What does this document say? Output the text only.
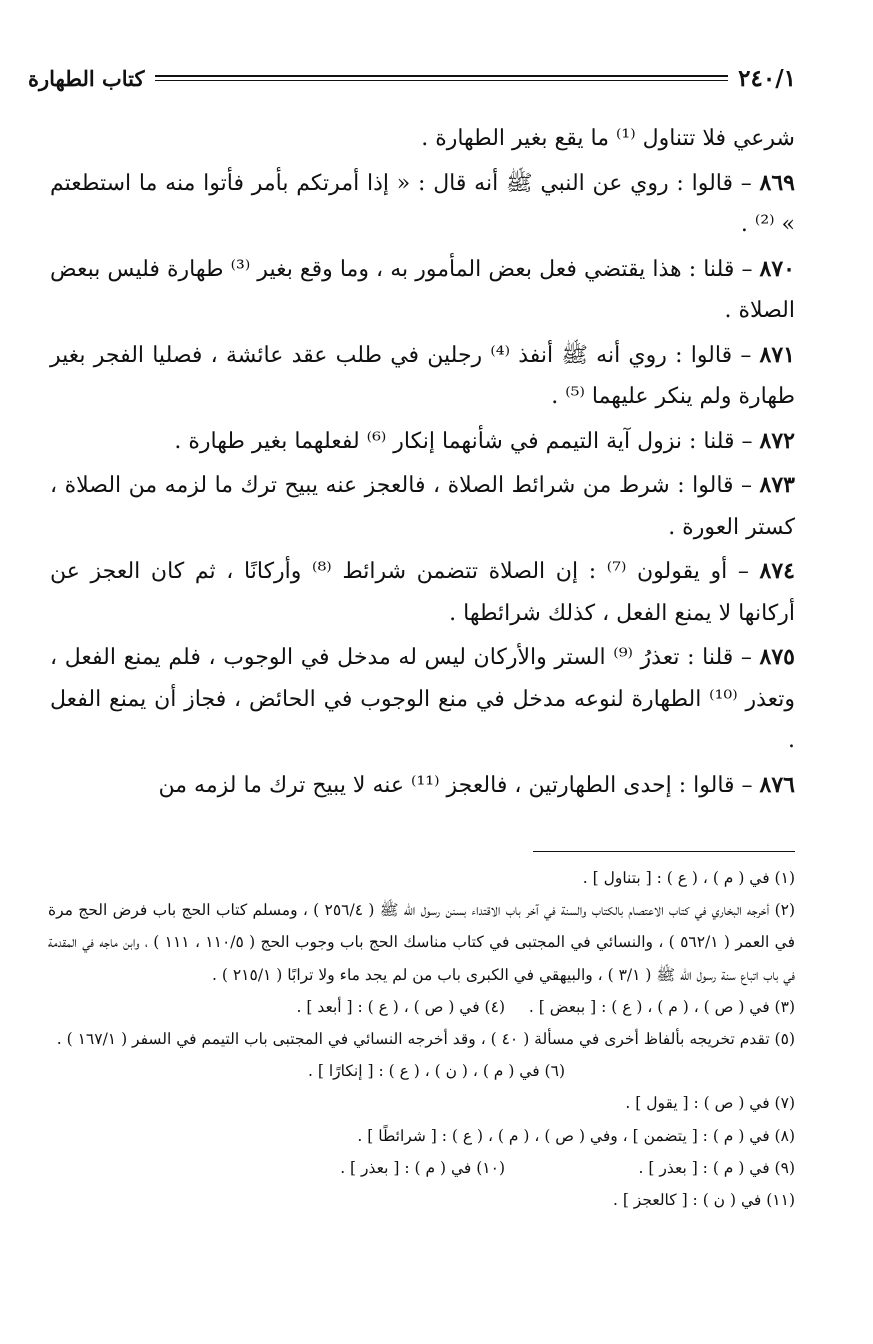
كتاب الطهارة	٢٤٠/١

شرعي فلا تتناول ⁽¹⁾ ما يقع بغير الطهارة .

٨٦٩ – قالوا : روي عن النبي ﷺ أنه قال : « إذا أمرتكم بأمر فأتوا منه ما استطعتم » ⁽²⁾ .

٨٧٠ – قلنا : هذا يقتضي فعل بعض المأمور به ، وما وقع بغير ⁽³⁾ طهارة فليس ببعض الصلاة .

٨٧١ – قالوا : روي أنه ﷺ أنفذ ⁽⁴⁾ رجلين في طلب عقد عائشة ، فصليا الفجر بغير طهارة ولم ينكر عليهما ⁽⁵⁾ .

٨٧٢ – قلنا : نزول آية التيمم في شأنهما إنكار ⁽⁶⁾ لفعلهما بغير طهارة .

٨٧٣ – قالوا : شرط من شرائط الصلاة ، فالعجز عنه يبيح ترك ما لزمه من الصلاة ، كستر العورة .

٨٧٤ – أو يقولون ⁽⁷⁾ : إن الصلاة تتضمن شرائط ⁽⁸⁾ وأركانًا ، ثم كان العجز عن أركانها لا يمنع الفعل ، كذلك شرائطها .

٨٧٥ – قلنا : تعذرُ ⁽⁹⁾ الستر والأركان ليس له مدخل في الوجوب ، فلم يمنع الفعل ، وتعذر ⁽¹⁰⁾ الطهارة لنوعه مدخل في منع الوجوب في الحائض ، فجاز أن يمنع الفعل .

٨٧٦ – قالوا : إحدى الطهارتين ، فالعجز ⁽¹¹⁾ عنه لا يبيح ترك ما لزمه من

(١) في ( م ) ، ( ع ) : [ بتناول ] .

(٢) أخرجه البخاري في كتاب الاعتصام بالكتاب والسنة في آخر باب الاقتداء بسنن رسول الله ﷺ ( ٢٥٦/٤ ) ، ومسلم كتاب الحج باب فرض الحج مرة في العمر ( ٥٦٢/١ ) ، والنسائي في المجتبى في كتاب مناسك الحج باب وجوب الحج ( ١١٠/٥ ، ١١١ ) ، وابن ماجه في المقدمة في باب اتباع سنة رسول الله ﷺ ( ٣/١ ) ، والبيهقي في الكبرى باب من لم يجد ماء ولا ترابًا ( ٢١٥/١ ) .

(٣) في ( ص ) ، ( م ) ، ( ع ) : [ ببعض ] .
(٤) في ( ص ) ، ( ع ) : [ أبعد ] .

(٥) تقدم تخريجه بألفاظ أخرى في مسألة ( ٤٠ ) ، وقد أخرجه النسائي في المجتبى باب التيمم في السفر ( ١٦٧/١ ) .

(٦) في ( م ) ، ( ن ) ، ( ع ) : [ إنكارًا ] .

(٧) في ( ص ) : [ يقول ] .

(٨) في ( م ) : [ يتضمن ] ، وفي ( ص ) ، ( م ) ، ( ع ) : [ شرائطًا ] .

(٩) في ( م ) : [ بعذر ] .
(١٠) في ( م ) : [ بعذر ] .

(١١) في ( ن ) : [ كالعجز ] .
